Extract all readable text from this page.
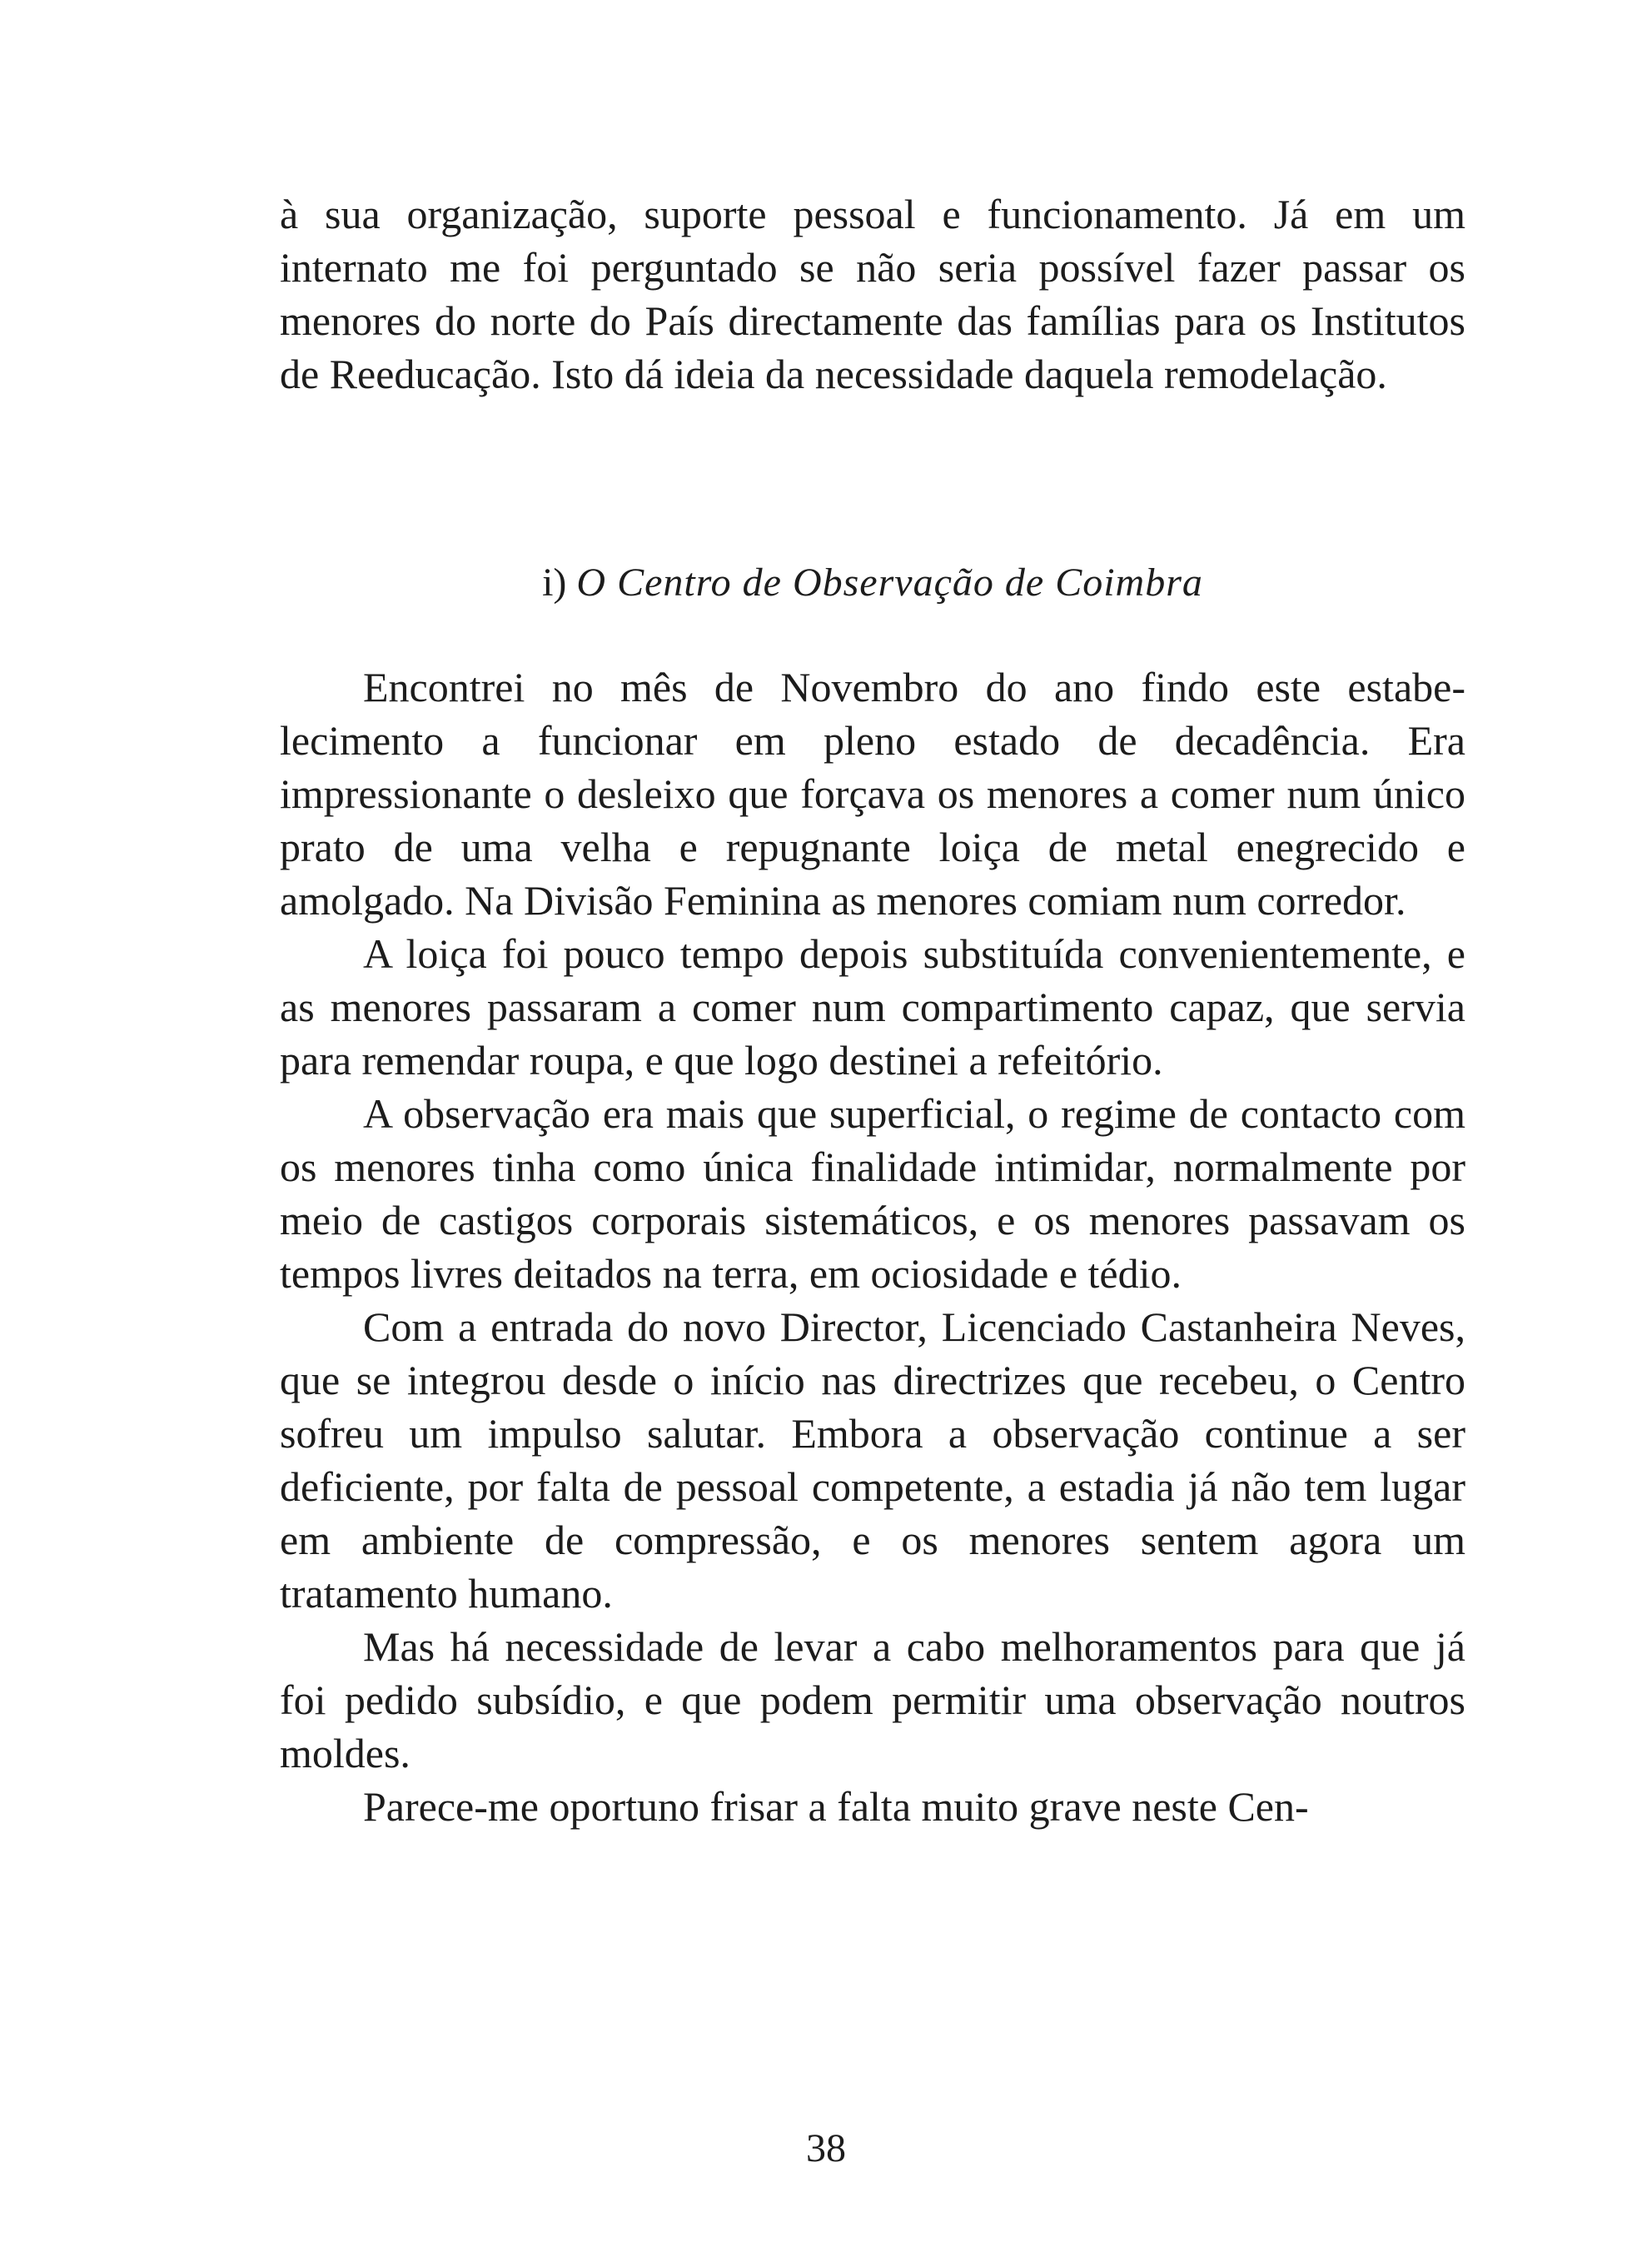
à sua organização, suporte pessoal e funcionamento. Já em um internato me foi perguntado se não seria possível fazer passar os menores do norte do País directamente das famílias para os Institutos de Reeducação. Isto dá ideia da necessidade daquela remodelação.

i) O Centro de Observação de Coimbra

Encontrei no mês de Novembro do ano findo este estabelecimento a funcionar em pleno estado de decadência. Era impressionante o desleixo que forçava os menores a comer num único prato de uma velha e repugnante loiça de metal enegrecido e amolgado. Na Divisão Feminina as menores comiam num corredor.

A loiça foi pouco tempo depois substituída convenientemente, e as menores passaram a comer num compartimento capaz, que servia para remendar roupa, e que logo destinei a refeitório.

A observação era mais que superficial, o regime de contacto com os menores tinha como única finalidade intimidar, normalmente por meio de castigos corporais sistemáticos, e os menores passavam os tempos livres deitados na terra, em ociosidade e tédio.

Com a entrada do novo Director, Licenciado Castanheira Neves, que se integrou desde o início nas directrizes que recebeu, o Centro sofreu um impulso salutar. Embora a observação continue a ser deficiente, por falta de pessoal competente, a estadia já não tem lugar em ambiente de compressão, e os menores sentem agora um tratamento humano.

Mas há necessidade de levar a cabo melhoramentos para que já foi pedido subsídio, e que podem permitir uma observação noutros moldes.

Parece-me oportuno frisar a falta muito grave neste Cen-

38
